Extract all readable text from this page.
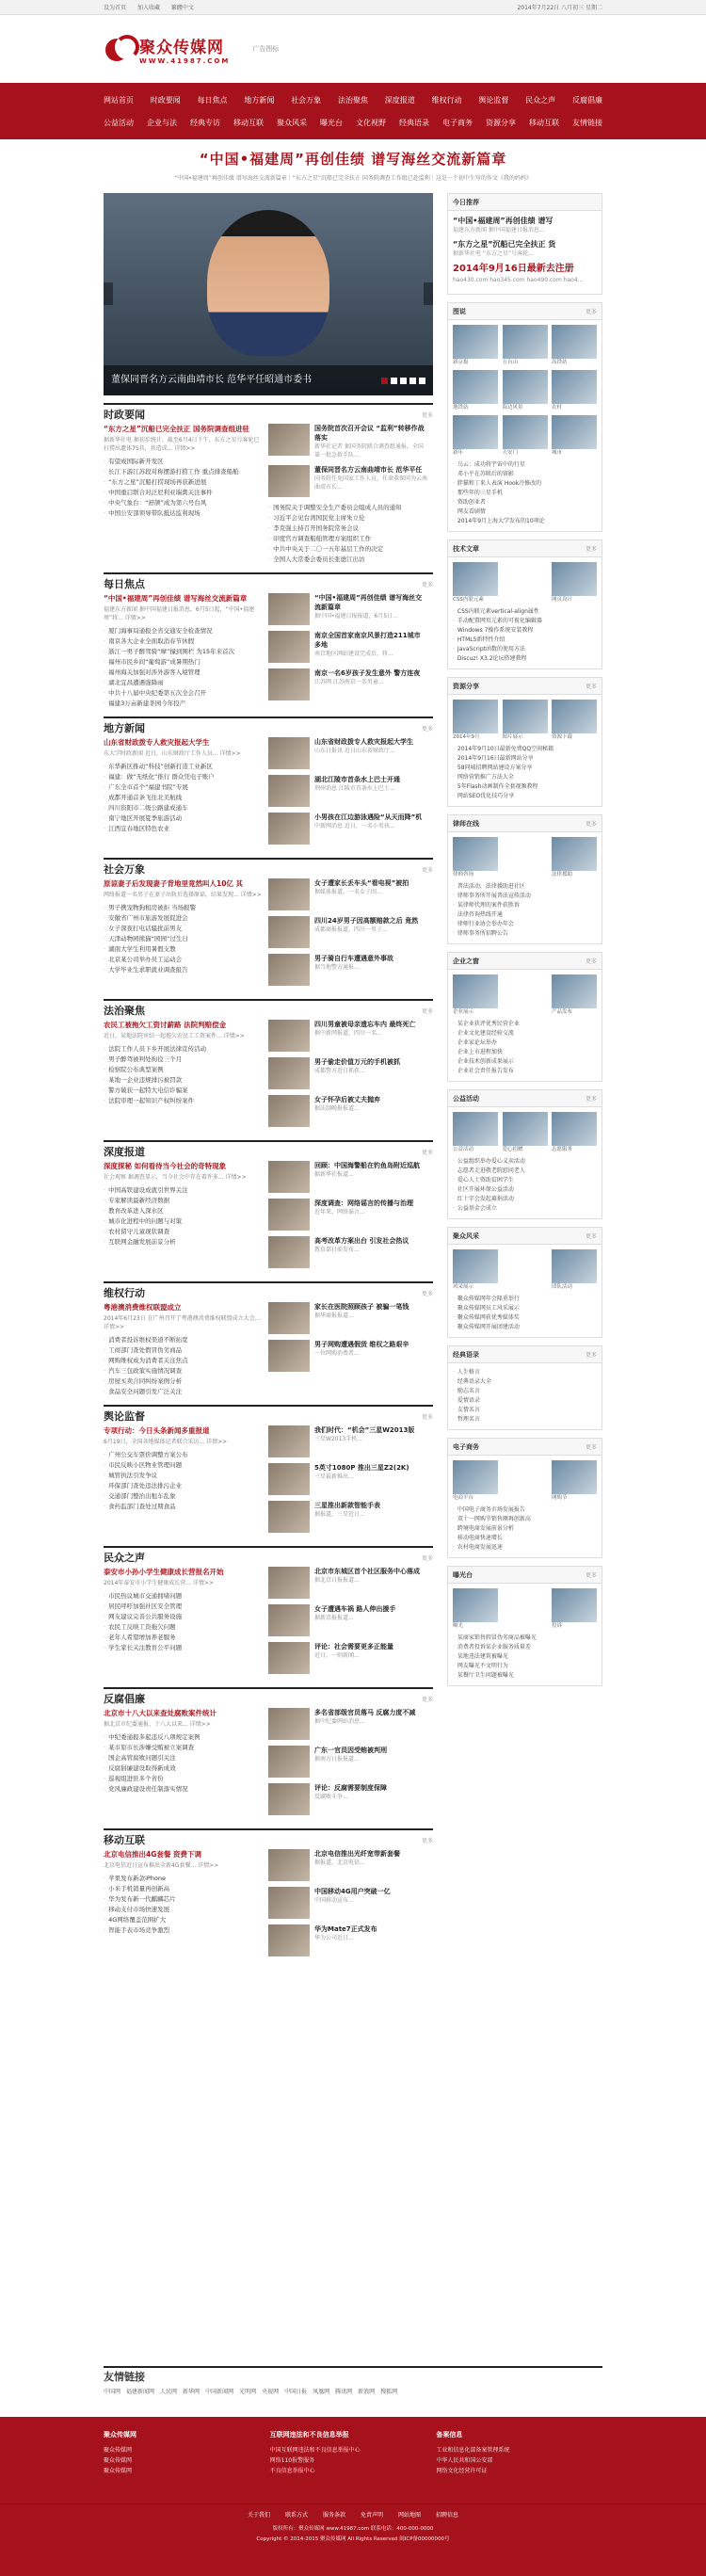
设为首页 加入收藏 繁體中文	2014年7月22日 八月初三 星期二
聚众传媒网
WWW.41987.COM
广告图标
网站首页 时政要闻 每日焦点 地方新闻 社会万象 法治聚焦 深度报道 维权行动 舆论监督 民众之声 反腐倡廉
公益活动 企业与法 经典专访 移动互联 聚众风采 曝光台 文化视野 经典语录 电子商务 资源分享 移动互联 友情链接
“中国•福建周”再创佳绩 谱写海丝交流新篇章
“中国•福建周”再创佳绩 谱写海丝交流新篇章｜“东方之星”沉船已完全扶正 国务院调查工作组已赴监利｜这是一个初中生写的作文《我的妈妈》
董保同晋名方云南曲靖市长 范华平任昭通市委书
时政要闻	更多
“东方之星”沉船已完全扶正 国务院调查组进驻
据新华社电 据初步统计，截至6月4日下午，东方之星号客轮已打捞出遗体75具，共造成... 详情>>
· 有望成国际新开发区
· 长江下游江苏段对称摆游打捞工作 重点排查船舶
· “东方之星”沉船打捞现场再获新进展
· 中国重启联合对泛尼利亚瑞禽关注事件
· 中央气象台：“舒颉”成为第六号台风
· 中国公安部领导带队抵达监利现场
国务院首次召开会议 “监利”转移作战落实
新华社记者 据国务院联合调查组通报，全国第一批急救手队...
董保同晋名方云南曲靖市长 范华平任
国务院任免国家工作人员，任命董保同为云南曲靖市长...
· 国务院关于调整安全生产委员会组成人员的通知
· 习近平会见台湾国民党主席朱立伦
· 李克强主持召开国务院常务会议
· 印度官方调查船舶管理方案组织工作
· 中共中央关于二〇一五年基层工作的决定
· 全国人大常委会委员长张德江出访
每日焦点	更多
“中国•福建周”再创佳绩 谱写海丝交流新篇章
福建东方新闻 据中国福建日报消息，6月5日起，“中国•福建周”将... 详情>>
· 厦门海事局通报全省交通安全检查情况
· 南京各大企业全面取消春节休假
· 浙江一男子醉驾骑“摩”撞到围栏 为15年来首次
· 福州市民乡间“葡萄游”成暑期热门
· 福州海关加强对涉外游客入境管理
· 湖北宜昌遭遇强降雨
· 中共十八届中央纪委第五次全会召开
· 福建3万亩新建茶园今年投产
“中国•福建周”再创佳绩 谱写海丝交流新篇章
据中国•福建日报报道，6月5日...
南京全国首家南京风景打造211城市 多地
南京地区网站建设完成后，将...
南京一名6岁孩子发生意外 警方连夜
江苏网 江苏南京一名男童...
地方新闻	更多
山东省财政拨专人救灾报起大学生
东大学时政新闻 近日，山东财政厅工作人员... 详情>>
· 东华新区推动“科技”创新打造工业新区
· 福建：做“无纸化”推行 群众凭电子账户
· 广东全市首个“福建书院”专展
· 成都开通首条飞往北美航线
· 四川资阳市二级公路建成通车
· 南宁地区开展夏季旅游活动
· 江西宜春地区特色农业
山东省财政拨专人救灾报起大学生
山东日报讯 近日山东省财政厅...
湖北江陵市首条水上巴士开通
荆州消息 江陵市首条水上巴士...
小男孩在江边游泳遇险“从天而降”机
中新网消息 近日，一名小男孩...
社会万象	更多
原谅妻子后发现妻子背地里竟然叫人10亿 其
网络报道一名男子在妻子出轨后选择原谅，结果发现... 详情>>
· 男子携宠物狗租房被拒 当场报警
· 安徽省广州市旅游发展促进会
· 女子深夜打电话骚扰前男友
· 天津动物园熊猫“园园”过生日
· 湖南大学生利用暑假支教
· 北京某公司举办员工运动会
· 大学毕业生求职就业调查报告
女子遭家长丢车头“看电视”被拍
据媒体报道，一名女子因...
四川24岁男子因高额赔款之后 竟然
成都商报报道，四川一男子...
男子骑自行车遭遇意外事故
据当地警方通报...
法治聚焦	更多
农民工被拖欠工资讨薪路 法院判赔偿金
近日，某地法院审结一起拖欠农民工工资案件... 详情>>
· 法院工作人员下乡开展法律宣传活动
· 男子醉驾被判处拘役三个月
· 检察院公布典型案例
· 某地一企业违规排污被罚款
· 警方破获一起特大电信诈骗案
· 法院审理一起知识产权纠纷案件
四川男童被母亲遗忘车内 最终死亡
据中新网报道，四川一名...
男子偷走价值万元的手机被抓
成都警方近日抓获...
女子怀孕后被丈夫抛弃
据法制晚报报道...
深度报道	更多
深度探秘 如何看待当今社会的奇特现象
社会观察 据调查显示，当今社会中存在着许多... 详情>>
· 中国高铁建设成就引世界关注
· 专家解读最新经济数据
· 教育改革进入深水区
· 城市化进程中的问题与对策
· 农村留守儿童现状调查
· 互联网金融发展前景分析
回顾：中国海警船在钓鱼岛附近巡航
据新华社报道...
深度调查：网络谣言的传播与治理
近年来，网络谣言...
高考改革方案出台 引发社会热议
教育部日前发布...
维权行动	更多
粤港澳消费维权联盟成立
2014年6月23日 在广州召开了粤港澳消费维权联盟成立大会... 详情>>
· 消费者投诉维权渠道不断拓宽
· 工商部门查处假冒伪劣商品
· 网购维权成为消费者关注焦点
· 汽车三包政策实施情况调查
· 房屋买卖合同纠纷案例分析
· 食品安全问题引发广泛关注
家长在医院照顾孩子 被骗一笔钱
据华商报报道...
男子网购遭遇假货 维权之路艰辛
一位网购消费者...
舆论监督	更多
专项行动：今日头条新闻多重报道
6月19日，全国各地媒体记者联合采访... 详情>>
· 广州公交车票价调整方案公布
· 市民反映小区物业管理问题
· 城管执法引发争议
· 环保部门查处违法排污企业
· 交通部门整治出租车乱象
· 食药监部门查处过期食品
我们时代：“机会”三星W2013版
三星W2013手机...
5英寸1080P 推出三星Z2(2K)
三星最新推出...
三星推出新款智能手表
据报道，三星近日...
民众之声	更多
泰安市小孙小学生健康成长营报名开始
2014年泰安市小学生健康成长营... 详情>>
· 市民热议城市交通拥堵问题
· 居民呼吁加强社区安全管理
· 网友建议完善公共服务设施
· 农民工反映工资拖欠问题
· 老年人希望增加养老服务
· 学生家长关注教育公平问题
北京市东城区首个社区服务中心落成
据北京日报报道...
女子遭遇车祸 路人伸出援手
据新京报报道...
评论：社会需要更多正能量
近日，一则新闻...
反腐倡廉	更多
北京市十八大以来查处腐败案件统计
据北京市纪委通报，十八大以来... 详情>>
· 中纪委通报多起违反八项规定案例
· 某市原市长涉嫌受贿被立案调查
· 国企高管腐败问题引关注
· 反腐倡廉建设取得新成效
· 巡视组进驻多个省份
· 党风廉政建设责任制落实情况
多名省部级官员落马 反腐力度不减
据中纪委网站消息...
广东一官员因受贿被判刑
据南方日报报道...
评论：反腐需要制度保障
反腐败斗争...
移动互联	更多
北京电信推出4G套餐 资费下调
北京电信近日宣布推出全新4G套餐... 详情>>
· 苹果发布新款iPhone
· 小米手机销量再创新高
· 华为发布新一代麒麟芯片
· 移动支付市场快速发展
· 4G网络覆盖范围扩大
· 智能手表市场竞争激烈
北京电信推出光纤宽带新套餐
据报道，北京电信...
中国移动4G用户突破一亿
中国移动宣布...
华为Mate7正式发布
华为公司近日...
今日推荐
“中国•福建周”再创佳绩 谱写
福建东方新闻 据中国福建日报消息...
“东方之星”沉船已完全扶正 货
据新华社电 “东方之星”号客轮...
2014年9月16日最新去注册
hao430.com hao345.com hao490.com hao4...
图说	更多
新京报	五台山	高铁站
地铁站	海边风景	农村
新年	天安门	城市
· 乌云：成功将宇宙中的行星
· 邓小平在苏联后的留影
· 胖猫和丁来人表演 Hook冷修改的
· 那些年的三星手机
· 资助创业者
· 网友看剧情
· 2014年9月上海大学发布的10项论
技术文章	更多
CSS内联元素	网页设计
· CSS内联元素vertical-align属性
· 手动配置网页元素的可视化编辑器
· Windows 7操作系统安装教程
· HTML5新特性介绍
· JavaScript函数的使用方法
· Discuz! X3.2论坛搭建教程
资源分享	更多
2014年9月	图片展示	资源下载
· 2014年9月10日最新免费QQ空间秘籍
· 2014年9月16日最新网站分享
· 58同城招聘网站建设方案分享
· 网络营销推广方法大全
· 5年Flash动画制作全套视频教程
· 网站SEO优化技巧分享
律师在线	更多
律师咨询	法律援助
· 普法活动，法律援助进社区
· 律师事务所开展普法宣传活动
· 某律师代理的案件获胜诉
· 法律咨询热线开通
· 律师行业协会举办年会
· 律师事务所招聘公告
企业之窗	更多
企业展示	产品发布
· 某企业获评优秀民营企业
· 企业文化建设经验交流
· 企业家论坛举办
· 企业上市进程加快
· 企业技术创新成果展示
· 企业社会责任报告发布
公益活动	更多
公益活动	爱心捐赠	志愿服务
· 公益组织举办爱心义卖活动
· 志愿者走进敬老院慰问老人
· 爱心人士资助贫困学生
· 社区开展环保公益活动
· 红十字会发起募捐活动
· 公益基金会成立
聚众风采	更多
风采展示	团队活动
· 聚众传媒网年会隆重举行
· 聚众传媒网员工风采展示
· 聚众传媒网获优秀媒体奖
· 聚众传媒网开展团建活动
经典语录	更多
· 人生格言
· 经典语录大全
· 励志名言
· 爱情语录
· 友情名言
· 哲理名言
电子商务	更多
电商平台	网购节
· 中国电子商务市场发展报告
· 双十一网购节销售额再创新高
· 跨境电商发展前景分析
· 移动电商快速增长
· 农村电商发展迅速
曝光台	更多
曝光	投诉
· 某商家销售假冒伪劣商品被曝光
· 消费者投诉某企业服务质量差
· 某地违法建筑被曝光
· 网友曝光不文明行为
· 某餐厅卫生问题被曝光
友情链接
中国网 福建新闻网 人民网 新华网 中国新闻网 光明网 央视网 中国日报 凤凰网 腾讯网 新浪网 搜狐网
聚众传媒网
聚众传媒网
聚众传媒网
聚众传媒网
互联网违法和不良信息举报
中国互联网违法和不良信息举报中心
网络110报警服务
不良信息举报中心
备案信息
工业和信息化部备案管理系统
中华人民共和国公安部
网络文化经营许可证
关于我们	联系方式	服务条款	免责声明	网站地图	招聘信息
版权所有：聚众传媒网 www.41987.com 联系电话：400-000-0000
Copyright © 2014-2015 聚众传媒网 All Rights Reserved 闽ICP备00000000号
